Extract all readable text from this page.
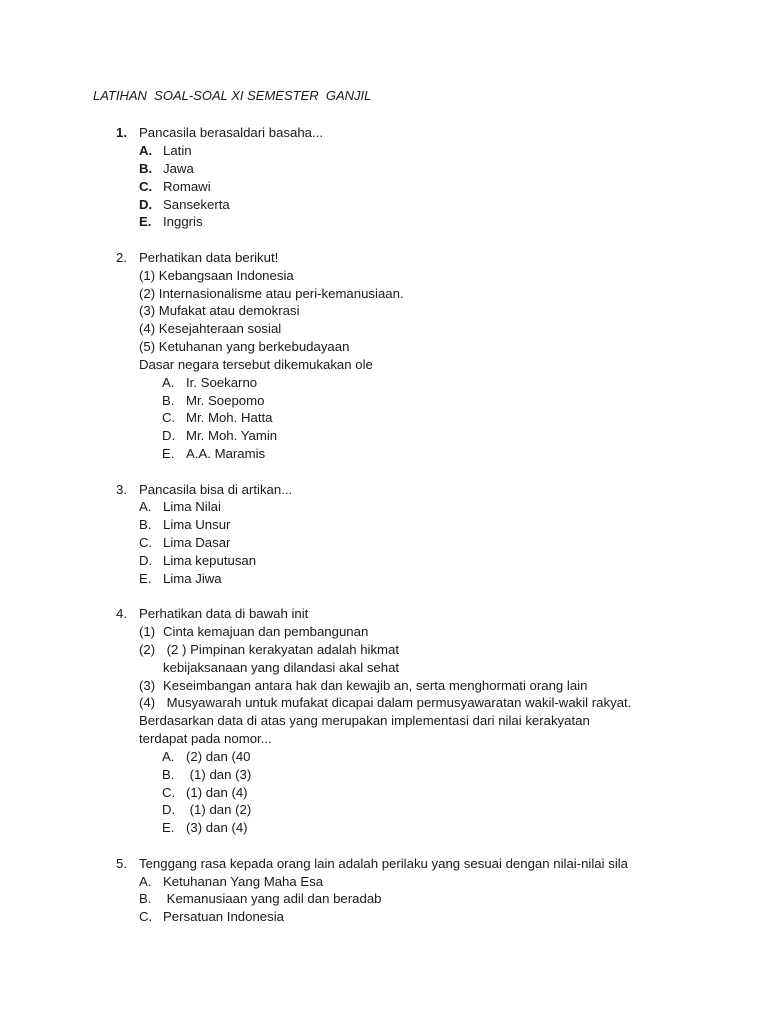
LATIHAN  SOAL-SOAL XI SEMESTER  GANJIL
1. Pancasila berasaldari basaha...
A. Latin
B. Jawa
C. Romawi
D. Sansekerta
E. Inggris
2. Perhatikan data berikut!
(1) Kebangsaan Indonesia
(2) Internasionalisme atau peri-kemanusiaan.
(3) Mufakat atau demokrasi
(4) Kesejahteraan sosial
(5) Ketuhanan yang berkebudayaan
Dasar negara tersebut dikemukakan ole
A. Ir. Soekarno
B. Mr. Soepomo
C. Mr. Moh. Hatta
D. Mr. Moh. Yamin
E. A.A. Maramis
3. Pancasila bisa di artikan...
A. Lima Nilai
B. Lima Unsur
C. Lima Dasar
D. Lima keputusan
E. Lima Jiwa
4. Perhatikan data di bawah init
(1) Cinta kemajuan dan pembangunan
(2) (2 ) Pimpinan kerakyatan adalah hikmat
kebijaksanaan yang dilandasi akal sehat
(3) Keseimbangan antara hak dan kewajib an, serta menghormati orang lain
(4) Musyawarah untuk mufakat dicapai dalam permusyawaratan wakil-wakil rakyat.
Berdasarkan data di atas yang merupakan implementasi dari nilai kerakyatan
terdapat pada nomor...
A. (2) dan (40
B. (1) dan (3)
C. (1) dan (4)
D. (1) dan (2)
E. (3) dan (4)
5. Tenggang rasa kepada orang lain adalah perilaku yang sesuai dengan nilai-nilai sila
A. Ketuhanan Yang Maha Esa
B. Kemanusiaan yang adil dan beradab
C. Persatuan Indonesia
